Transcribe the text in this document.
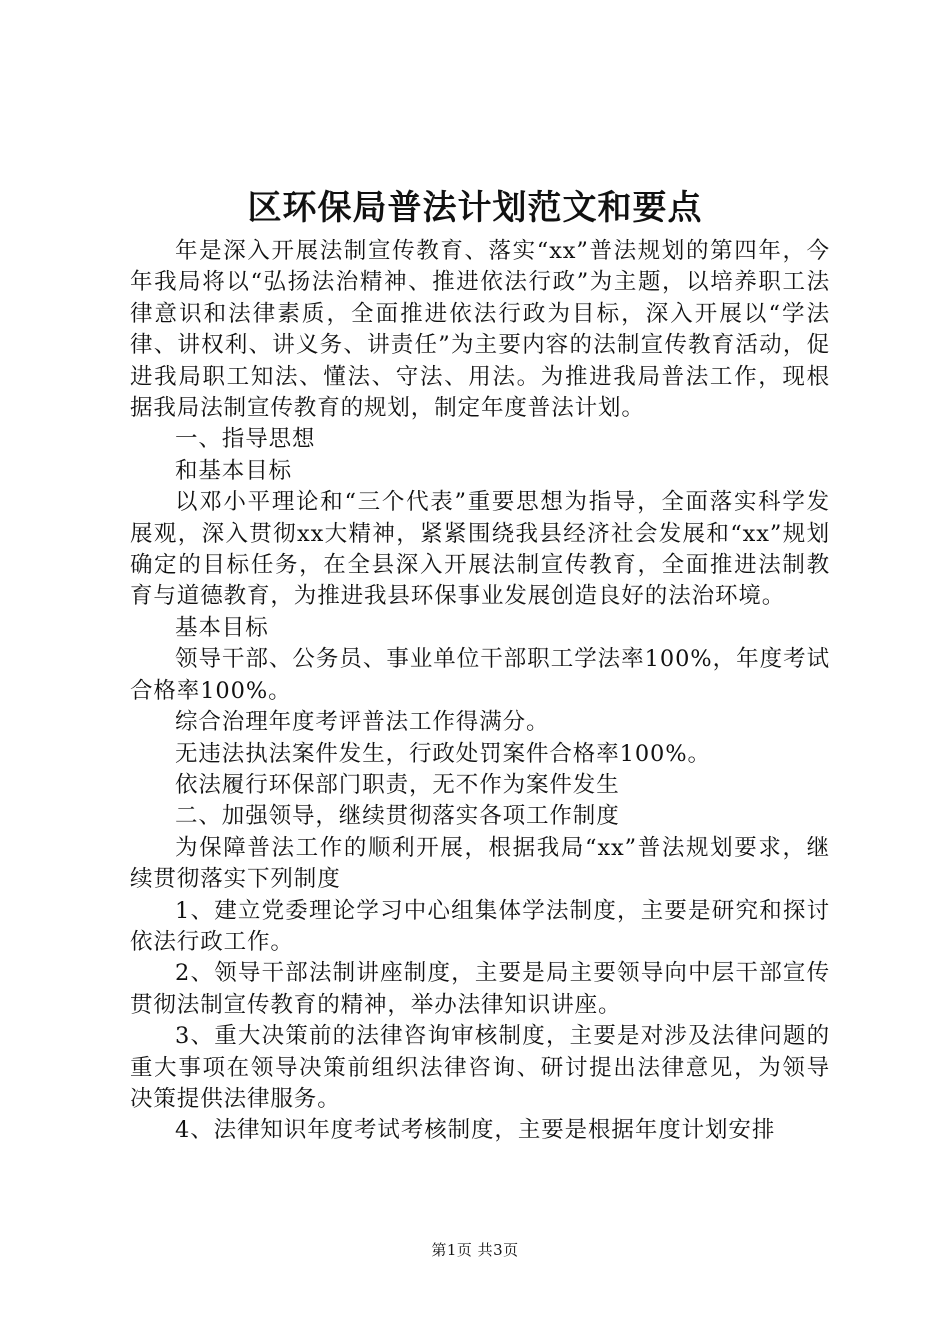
区环保局普法计划范文和要点

年是深入开展法制宣传教育、落实“xx”普法规划的第四年，今年我局将以“弘扬法治精神、推进依法行政”为主题，以培养职工法律意识和法律素质，全面推进依法行政为目标，深入开展以“学法律、讲权利、讲义务、讲责任”为主要内容的法制宣传教育活动，促进我局职工知法、懂法、守法、用法。为推进我局普法工作，现根据我局法制宣传教育的规划，制定年度普法计划。

一、指导思想

和基本目标

以邓小平理论和“三个代表”重要思想为指导，全面落实科学发展观，深入贯彻xx大精神，紧紧围绕我县经济社会发展和“xx”规划确定的目标任务，在全县深入开展法制宣传教育，全面推进法制教育与道德教育，为推进我县环保事业发展创造良好的法治环境。

基本目标

领导干部、公务员、事业单位干部职工学法率100%，年度考试合格率100%。

综合治理年度考评普法工作得满分。

无违法执法案件发生，行政处罚案件合格率100%。

依法履行环保部门职责，无不作为案件发生

二、加强领导，继续贯彻落实各项工作制度

为保障普法工作的顺利开展，根据我局“xx”普法规划要求，继续贯彻落实下列制度

1、建立党委理论学习中心组集体学法制度，主要是研究和探讨依法行政工作。

2、领导干部法制讲座制度，主要是局主要领导向中层干部宣传贯彻法制宣传教育的精神，举办法律知识讲座。

3、重大决策前的法律咨询审核制度，主要是对涉及法律问题的重大事项在领导决策前组织法律咨询、研讨提出法律意见，为领导决策提供法律服务。

4、法律知识年度考试考核制度，主要是根据年度计划安排

第1页 共3页
